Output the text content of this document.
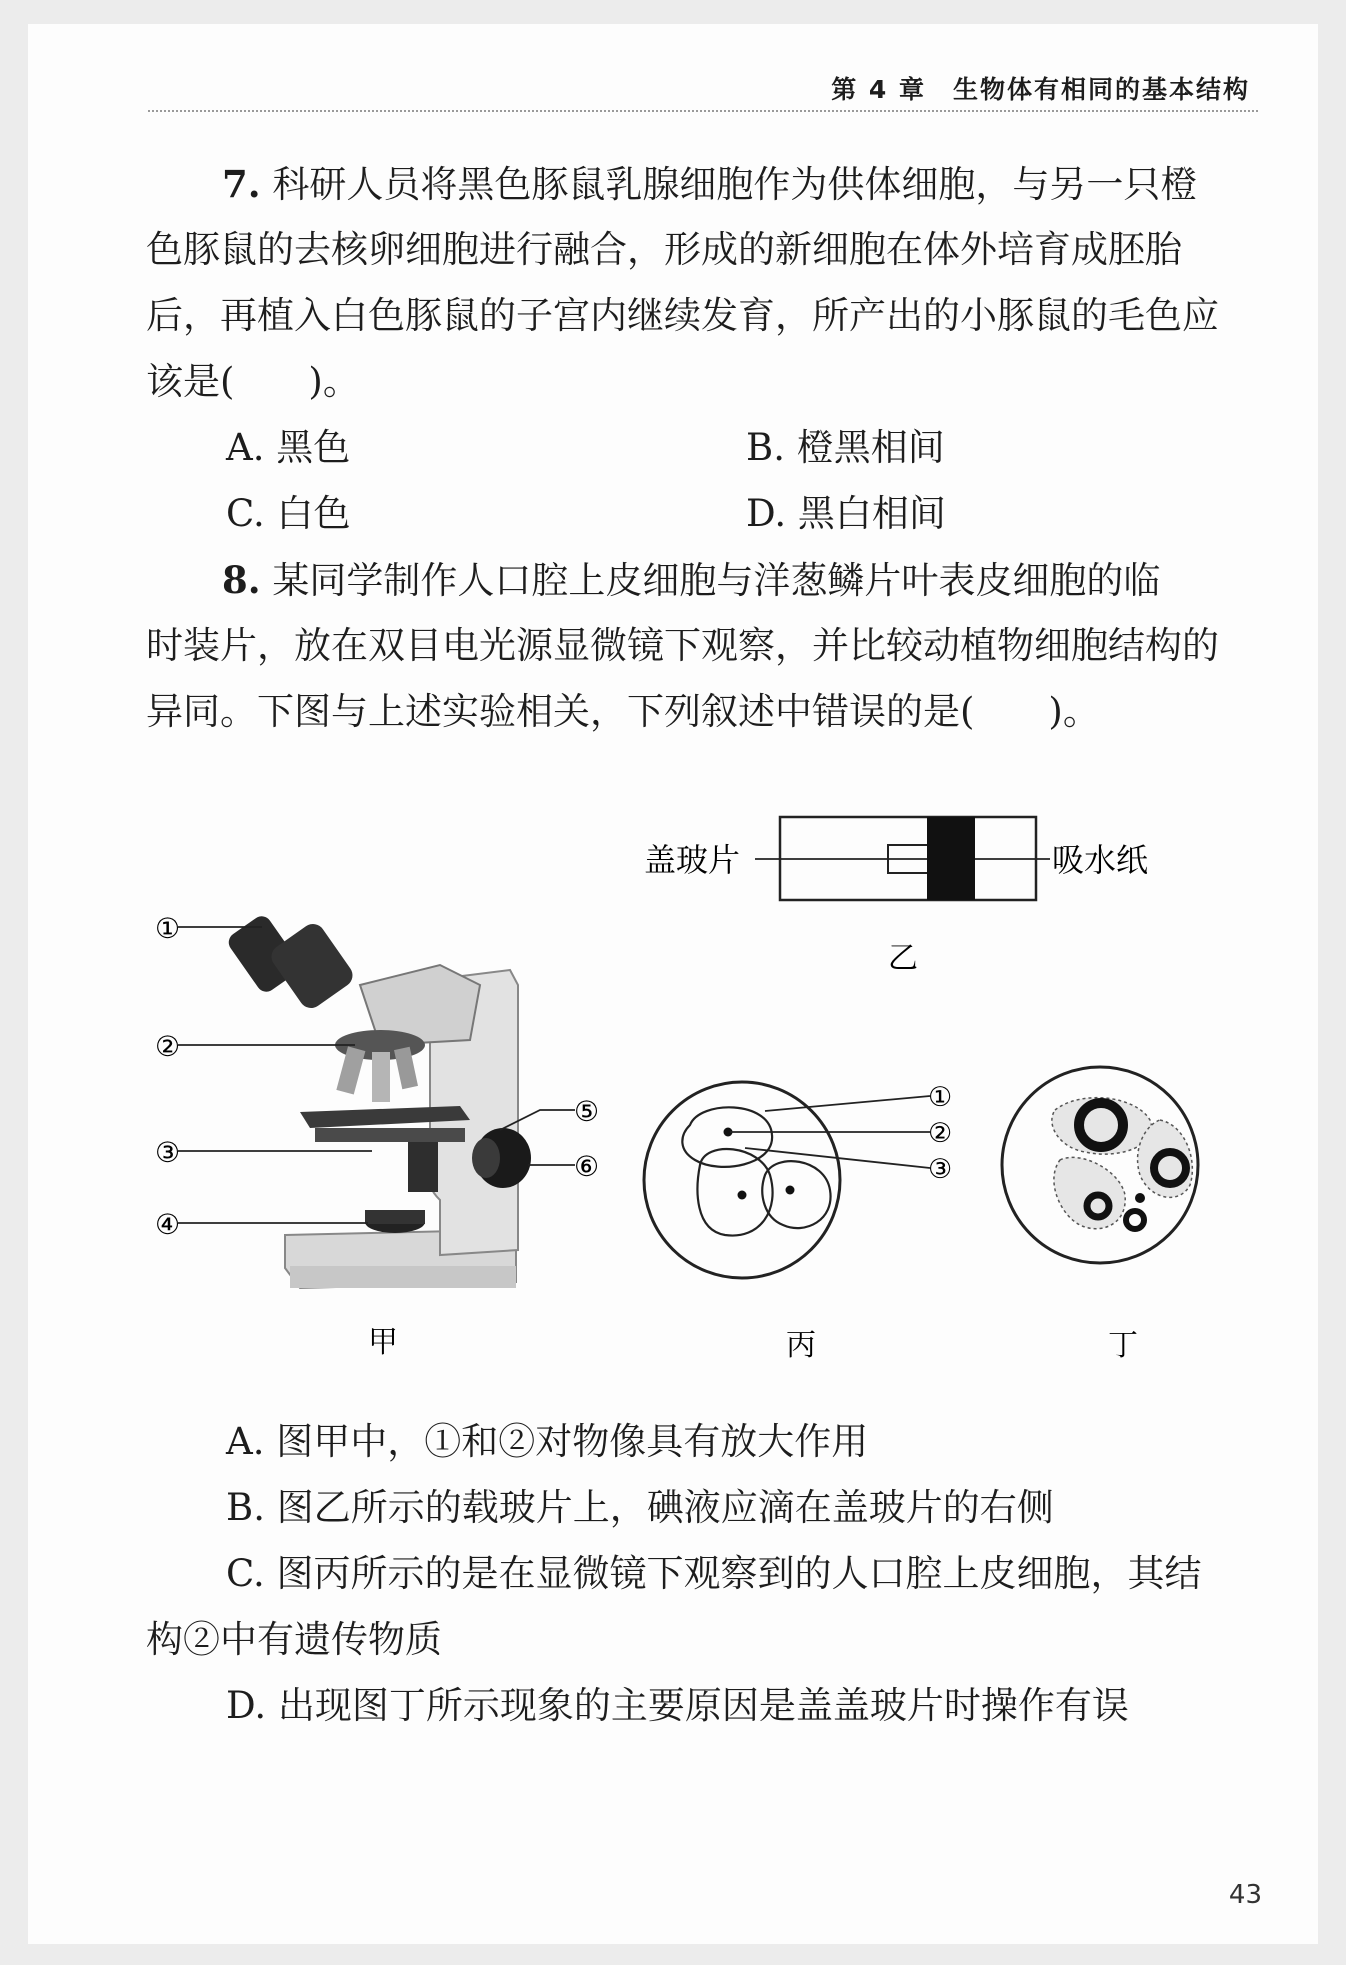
第 4 章　生物体有相同的基本结构
7. 科研人员将黑色豚鼠乳腺细胞作为供体细胞，与另一只橙
色豚鼠的去核卵细胞进行融合，形成的新细胞在体外培育成胚胎
后，再植入白色豚鼠的子宫内继续发育，所产出的小豚鼠的毛色应
该是(　　)。
A. 黑色	B. 橙黑相间
C. 白色	D. 黑白相间
8. 某同学制作人口腔上皮细胞与洋葱鳞片叶表皮细胞的临
时装片，放在双目电光源显微镜下观察，并比较动植物细胞结构的
异同。下图与上述实验相关，下列叙述中错误的是(　　)。
盖玻片	吸水纸
乙
①
②
③
④
⑤
⑥
甲
①
②
③
丙	丁
A. 图甲中，①和②对物像具有放大作用
B. 图乙所示的载玻片上，碘液应滴在盖玻片的右侧
C. 图丙所示的是在显微镜下观察到的人口腔上皮细胞，其结
构②中有遗传物质
D. 出现图丁所示现象的主要原因是盖盖玻片时操作有误
43
